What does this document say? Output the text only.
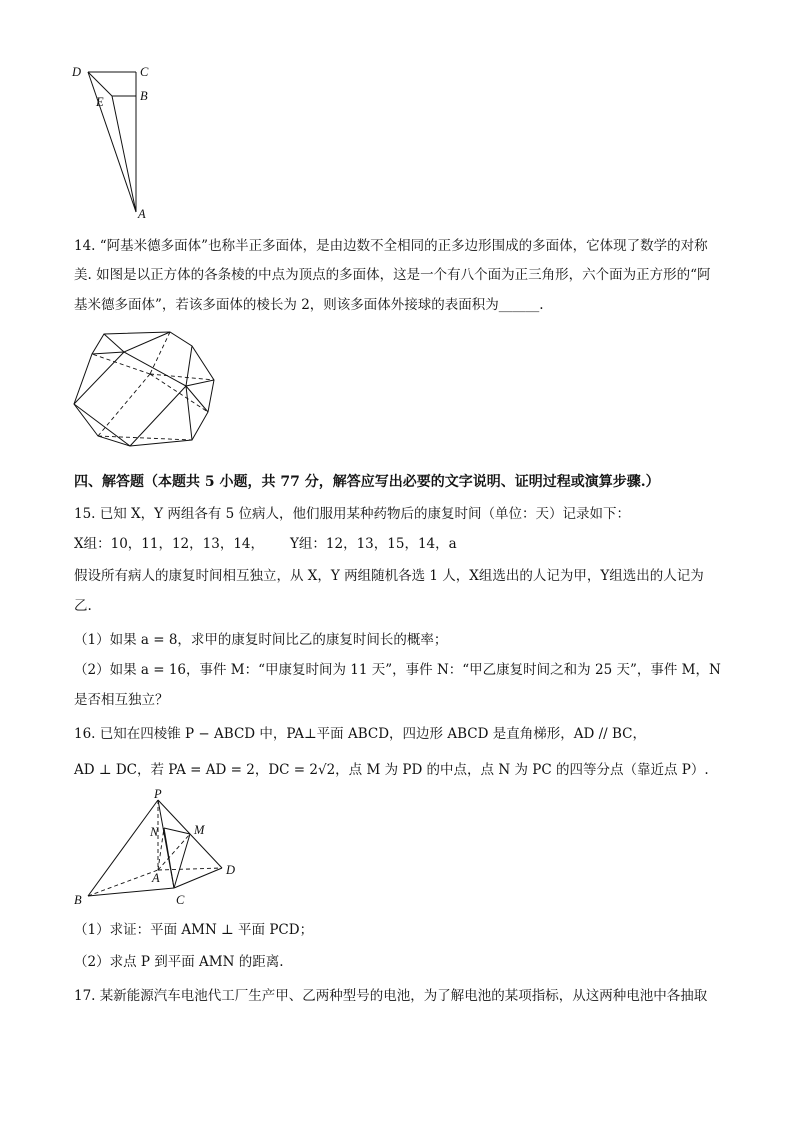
D	C
E	B
A
14. “阿基米德多面体”也称半正多面体，是由边数不全相同的正多边形围成的多面体，它体现了数学的对称
美. 如图是以正方体的各条棱的中点为顶点的多面体，这是一个有八个面为正三角形，六个面为正方形的“阿
基米德多面体”，若该多面体的棱长为 2，则该多面体外接球的表面积为______.
四、解答题（本题共 5 小题，共 77 分，解答应写出必要的文字说明、证明过程或演算步骤.）
15. 已知 X，Y 两组各有 5 位病人，他们服用某种药物后的康复时间（单位：天）记录如下：
X组：10，11，12，13，14， Y组：12，13，15，14，a
假设所有病人的康复时间相互独立，从 X，Y 两组随机各选 1 人，X组选出的人记为甲，Y组选出的人记为
乙.
（1）如果 a = 8，求甲的康复时间比乙的康复时间长的概率；
（2）如果 a = 16，事件 M：“甲康复时间为 11 天”，事件 N：“甲乙康复时间之和为 25 天”，事件 M，N
是否相互独立？
16. 已知在四棱锥 P − ABCD 中，PA⊥平面 ABCD，四边形 ABCD 是直角梯形，AD // BC，
AD ⊥ DC，若 PA = AD = 2，DC = 2√2，点 M 为 PD 的中点，点 N 为 PC 的四等分点（靠近点 P）.
P
N	M
A
D
B	C
（1）求证：平面 AMN ⊥ 平面 PCD；
（2）求点 P 到平面 AMN 的距离.
17. 某新能源汽车电池代工厂生产甲、乙两种型号的电池，为了解电池的某项指标，从这两种电池中各抽取
